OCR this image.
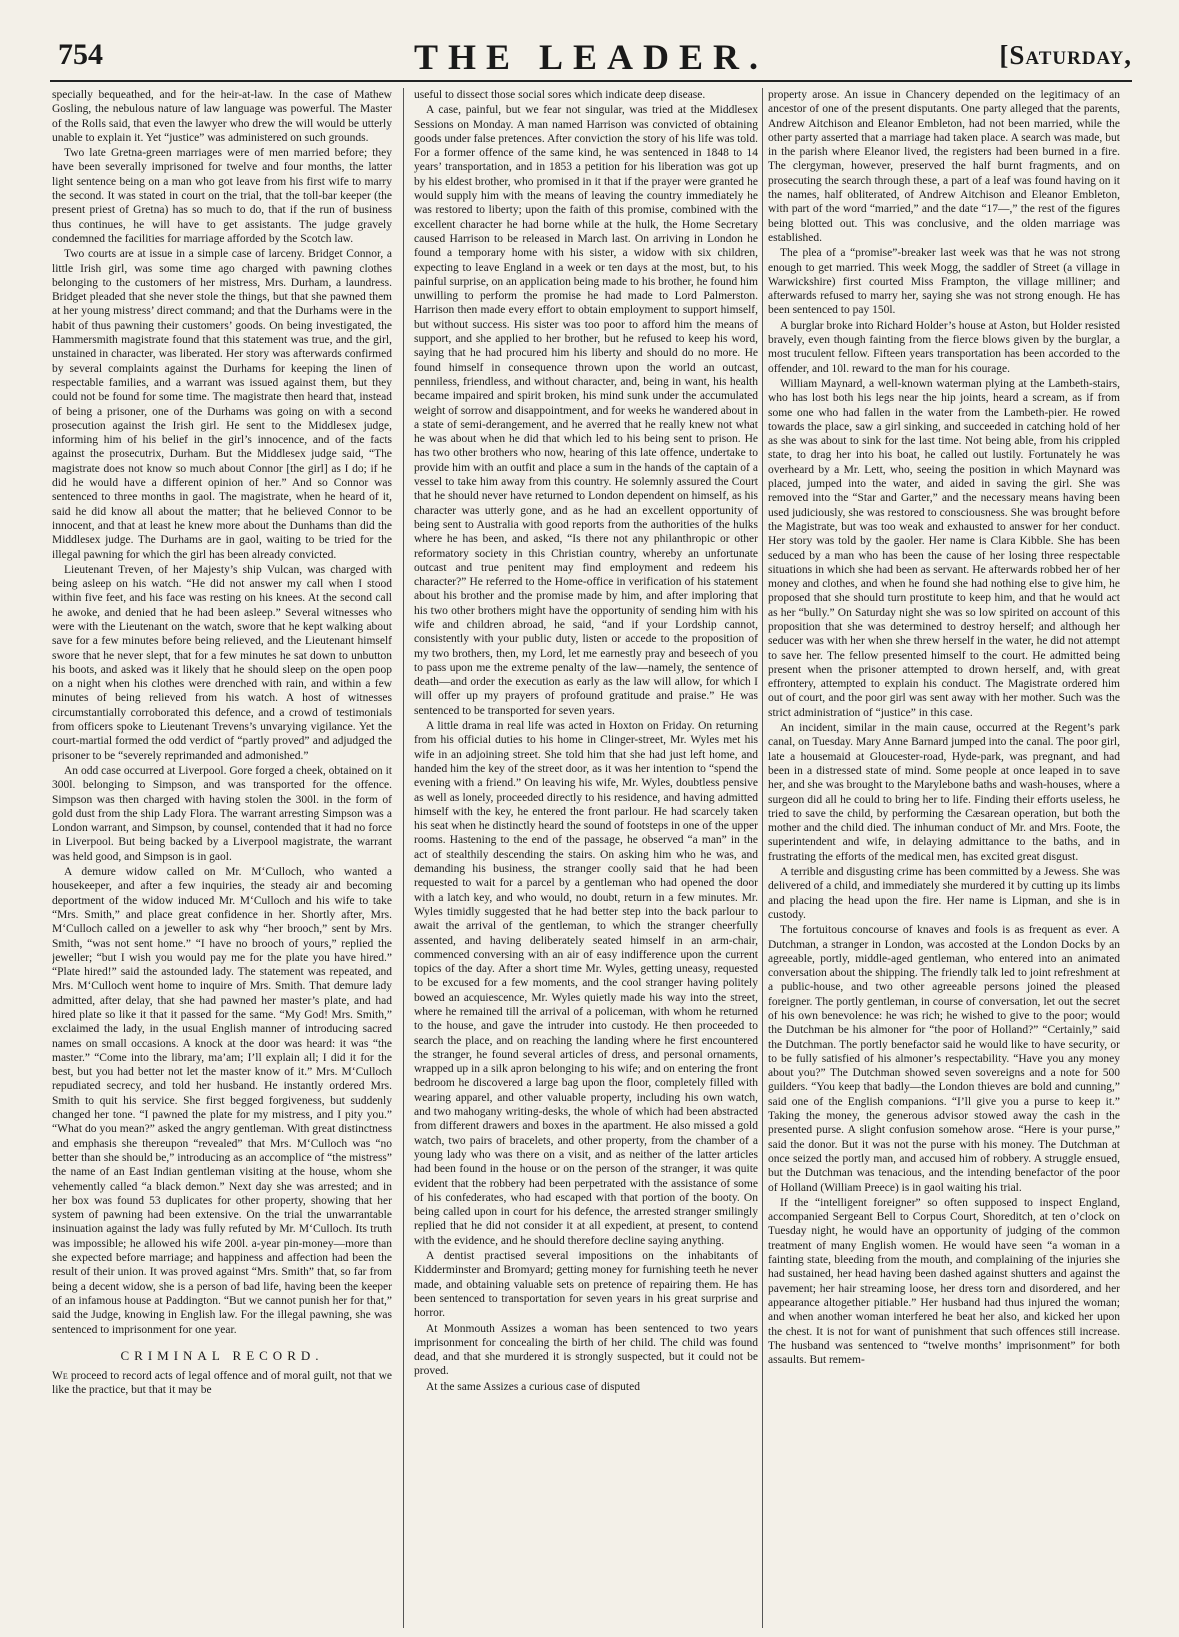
754	THE LEADER.	[Saturday,

specially bequeathed, and for the heir-at-law. In the case of Mathew Gosling, the nebulous nature of law language was powerful. The Master of the Rolls said, that even the lawyer who drew the will would be utterly unable to explain it. Yet “justice” was administered on such grounds.

Two late Gretna-green marriages were of men married before; they have been severally imprisoned for twelve and four months, the latter light sentence being on a man who got leave from his first wife to marry the second. It was stated in court on the trial, that the toll-bar keeper (the present priest of Gretna) has so much to do, that if the run of business thus continues, he will have to get assistants. The judge gravely condemned the facilities for marriage afforded by the Scotch law.

Two courts are at issue in a simple case of larceny. Bridget Connor, a little Irish girl, was some time ago charged with pawning clothes belonging to the customers of her mistress, Mrs. Durham, a laundress. Bridget pleaded that she never stole the things, but that she pawned them at her young mistress’ direct command; and that the Durhams were in the habit of thus pawning their customers’ goods. On being investigated, the Hammersmith magistrate found that this statement was true, and the girl, unstained in character, was liberated. Her story was afterwards confirmed by several complaints against the Durhams for keeping the linen of respectable families, and a warrant was issued against them, but they could not be found for some time. The magistrate then heard that, instead of being a prisoner, one of the Durhams was going on with a second prosecution against the Irish girl. He sent to the Middlesex judge, informing him of his belief in the girl’s innocence, and of the facts against the prosecutrix, Durham. But the Middlesex judge said, “The magistrate does not know so much about Connor [the girl] as I do; if he did he would have a different opinion of her.” And so Connor was sentenced to three months in gaol. The magistrate, when he heard of it, said he did know all about the matter; that he believed Connor to be innocent, and that at least he knew more about the Dunhams than did the Middlesex judge. The Durhams are in gaol, waiting to be tried for the illegal pawning for which the girl has been already convicted.

Lieutenant Treven, of her Majesty’s ship Vulcan, was charged with being asleep on his watch. “He did not answer my call when I stood within five feet, and his face was resting on his knees. At the second call he awoke, and denied that he had been asleep.” Several witnesses who were with the Lieutenant on the watch, swore that he kept walking about save for a few minutes before being relieved, and the Lieutenant himself swore that he never slept, that for a few minutes he sat down to unbutton his boots, and asked was it likely that he should sleep on the open poop on a night when his clothes were drenched with rain, and within a few minutes of being relieved from his watch. A host of witnesses circumstantially corroborated this defence, and a crowd of testimonials from officers spoke to Lieutenant Trevens’s unvarying vigilance. Yet the court-martial formed the odd verdict of “partly proved” and adjudged the prisoner to be “severely reprimanded and admonished.”

An odd case occurred at Liverpool. Gore forged a cheek, obtained on it 300l. belonging to Simpson, and was transported for the offence. Simpson was then charged with having stolen the 300l. in the form of gold dust from the ship Lady Flora. The warrant arresting Simpson was a London warrant, and Simpson, by counsel, contended that it had no force in Liverpool. But being backed by a Liverpool magistrate, the warrant was held good, and Simpson is in gaol.

A demure widow called on Mr. M‘Culloch, who wanted a housekeeper, and after a few inquiries, the steady air and becoming deportment of the widow induced Mr. M‘Culloch and his wife to take “Mrs. Smith,” and place great confidence in her. Shortly after, Mrs. M‘Culloch called on a jeweller to ask why “her brooch,” sent by Mrs. Smith, “was not sent home.” “I have no brooch of yours,” replied the jeweller; “but I wish you would pay me for the plate you have hired.” “Plate hired!” said the astounded lady. The statement was repeated, and Mrs. M‘Culloch went home to inquire of Mrs. Smith. That demure lady admitted, after delay, that she had pawned her master’s plate, and had hired plate so like it that it passed for the same. “My God! Mrs. Smith,” exclaimed the lady, in the usual English manner of introducing sacred names on small occasions. A knock at the door was heard: it was “the master.” “Come into the library, ma’am; I’ll explain all; I did it for the best, but you had better not let the master know of it.” Mrs. M‘Culloch repudiated secrecy, and told her husband. He instantly ordered Mrs. Smith to quit his service. She first begged forgiveness, but suddenly changed her tone. “I pawned the plate for my mistress, and I pity you.” “What do you mean?” asked the angry gentleman. With great distinctness and emphasis she thereupon “revealed” that Mrs. M‘Culloch was “no better than she should be,” introducing as an accomplice of “the mistress” the name of an East Indian gentleman visiting at the house, whom she vehemently called “a black demon.” Next day she was arrested; and in her box was found 53 duplicates for other property, showing that her system of pawning had been extensive. On the trial the unwarrantable insinuation against the lady was fully refuted by Mr. M‘Culloch. Its truth was impossible; he allowed his wife 200l. a-year pin-money—more than she expected before marriage; and happiness and affection had been the result of their union. It was proved against “Mrs. Smith” that, so far from being a decent widow, she is a person of bad life, having been the keeper of an infamous house at Paddington. “But we cannot punish her for that,” said the Judge, knowing in English law. For the illegal pawning, she was sentenced to imprisonment for one year.

CRIMINAL RECORD.

We proceed to record acts of legal offence and of moral guilt, not that we like the practice, but that it may be

useful to dissect those social sores which indicate deep disease.

A case, painful, but we fear not singular, was tried at the Middlesex Sessions on Monday. A man named Harrison was convicted of obtaining goods under false pretences. After conviction the story of his life was told. For a former offence of the same kind, he was sentenced in 1848 to 14 years’ transportation, and in 1853 a petition for his liberation was got up by his eldest brother, who promised in it that if the prayer were granted he would supply him with the means of leaving the country immediately he was restored to liberty; upon the faith of this promise, combined with the excellent character he had borne while at the hulk, the Home Secretary caused Harrison to be released in March last. On arriving in London he found a temporary home with his sister, a widow with six children, expecting to leave England in a week or ten days at the most, but, to his painful surprise, on an application being made to his brother, he found him unwilling to perform the promise he had made to Lord Palmerston. Harrison then made every effort to obtain employment to support himself, but without success. His sister was too poor to afford him the means of support, and she applied to her brother, but he refused to keep his word, saying that he had procured him his liberty and should do no more. He found himself in consequence thrown upon the world an outcast, penniless, friendless, and without character, and, being in want, his health became impaired and spirit broken, his mind sunk under the accumulated weight of sorrow and disappointment, and for weeks he wandered about in a state of semi-derangement, and he averred that he really knew not what he was about when he did that which led to his being sent to prison. He has two other brothers who now, hearing of this late offence, undertake to provide him with an outfit and place a sum in the hands of the captain of a vessel to take him away from this country. He solemnly assured the Court that he should never have returned to London dependent on himself, as his character was utterly gone, and as he had an excellent opportunity of being sent to Australia with good reports from the authorities of the hulks where he has been, and asked, “Is there not any philanthropic or other reformatory society in this Christian country, whereby an unfortunate outcast and true penitent may find employment and redeem his character?” He referred to the Home-office in verification of his statement about his brother and the promise made by him, and after imploring that his two other brothers might have the opportunity of sending him with his wife and children abroad, he said, “and if your Lordship cannot, consistently with your public duty, listen or accede to the proposition of my two brothers, then, my Lord, let me earnestly pray and beseech of you to pass upon me the extreme penalty of the law—namely, the sentence of death—and order the execution as early as the law will allow, for which I will offer up my prayers of profound gratitude and praise.” He was sentenced to be transported for seven years.

A little drama in real life was acted in Hoxton on Friday. On returning from his official duties to his home in Clinger-street, Mr. Wyles met his wife in an adjoining street. She told him that she had just left home, and handed him the key of the street door, as it was her intention to “spend the evening with a friend.” On leaving his wife, Mr. Wyles, doubtless pensive as well as lonely, proceeded directly to his residence, and having admitted himself with the key, he entered the front parlour. He had scarcely taken his seat when he distinctly heard the sound of footsteps in one of the upper rooms. Hastening to the end of the passage, he observed “a man” in the act of stealthily descending the stairs. On asking him who he was, and demanding his business, the stranger coolly said that he had been requested to wait for a parcel by a gentleman who had opened the door with a latch key, and who would, no doubt, return in a few minutes. Mr. Wyles timidly suggested that he had better step into the back parlour to await the arrival of the gentleman, to which the stranger cheerfully assented, and having deliberately seated himself in an arm-chair, commenced conversing with an air of easy indifference upon the current topics of the day. After a short time Mr. Wyles, getting uneasy, requested to be excused for a few moments, and the cool stranger having politely bowed an acquiescence, Mr. Wyles quietly made his way into the street, where he remained till the arrival of a policeman, with whom he returned to the house, and gave the intruder into custody. He then proceeded to search the place, and on reaching the landing where he first encountered the stranger, he found several articles of dress, and personal ornaments, wrapped up in a silk apron belonging to his wife; and on entering the front bedroom he discovered a large bag upon the floor, completely filled with wearing apparel, and other valuable property, including his own watch, and two mahogany writing-desks, the whole of which had been abstracted from different drawers and boxes in the apartment. He also missed a gold watch, two pairs of bracelets, and other property, from the chamber of a young lady who was there on a visit, and as neither of the latter articles had been found in the house or on the person of the stranger, it was quite evident that the robbery had been perpetrated with the assistance of some of his confederates, who had escaped with that portion of the booty. On being called upon in court for his defence, the arrested stranger smilingly replied that he did not consider it at all expedient, at present, to contend with the evidence, and he should therefore decline saying anything.

A dentist practised several impositions on the inhabitants of Kidderminster and Bromyard; getting money for furnishing teeth he never made, and obtaining valuable sets on pretence of repairing them. He has been sentenced to transportation for seven years in his great surprise and horror.

At Monmouth Assizes a woman has been sentenced to two years imprisonment for concealing the birth of her child. The child was found dead, and that she murdered it is strongly suspected, but it could not be proved.

At the same Assizes a curious case of disputed

property arose. An issue in Chancery depended on the legitimacy of an ancestor of one of the present disputants. One party alleged that the parents, Andrew Aitchison and Eleanor Embleton, had not been married, while the other party asserted that a marriage had taken place. A search was made, but in the parish where Eleanor lived, the registers had been burned in a fire. The clergyman, however, preserved the half burnt fragments, and on prosecuting the search through these, a part of a leaf was found having on it the names, half obliterated, of Andrew Aitchison and Eleanor Embleton, with part of the word “married,” and the date “17—,” the rest of the figures being blotted out. This was conclusive, and the olden marriage was established.

The plea of a “promise”-breaker last week was that he was not strong enough to get married. This week Mogg, the saddler of Street (a village in Warwickshire) first courted Miss Frampton, the village milliner; and afterwards refused to marry her, saying she was not strong enough. He has been sentenced to pay 150l.

A burglar broke into Richard Holder’s house at Aston, but Holder resisted bravely, even though fainting from the fierce blows given by the burglar, a most truculent fellow. Fifteen years transportation has been accorded to the offender, and 10l. reward to the man for his courage.

William Maynard, a well-known waterman plying at the Lambeth-stairs, who has lost both his legs near the hip joints, heard a scream, as if from some one who had fallen in the water from the Lambeth-pier. He rowed towards the place, saw a girl sinking, and succeeded in catching hold of her as she was about to sink for the last time. Not being able, from his crippled state, to drag her into his boat, he called out lustily. Fortunately he was overheard by a Mr. Lett, who, seeing the position in which Maynard was placed, jumped into the water, and aided in saving the girl. She was removed into the “Star and Garter,” and the necessary means having been used judiciously, she was restored to consciousness. She was brought before the Magistrate, but was too weak and exhausted to answer for her conduct. Her story was told by the gaoler. Her name is Clara Kibble. She has been seduced by a man who has been the cause of her losing three respectable situations in which she had been as servant. He afterwards robbed her of her money and clothes, and when he found she had nothing else to give him, he proposed that she should turn prostitute to keep him, and that he would act as her “bully.” On Saturday night she was so low spirited on account of this proposition that she was determined to destroy herself; and although her seducer was with her when she threw herself in the water, he did not attempt to save her. The fellow presented himself to the court. He admitted being present when the prisoner attempted to drown herself, and, with great effrontery, attempted to explain his conduct. The Magistrate ordered him out of court, and the poor girl was sent away with her mother. Such was the strict administration of “justice” in this case.

An incident, similar in the main cause, occurred at the Regent’s park canal, on Tuesday. Mary Anne Barnard jumped into the canal. The poor girl, late a housemaid at Gloucester-road, Hyde-park, was pregnant, and had been in a distressed state of mind. Some people at once leaped in to save her, and she was brought to the Marylebone baths and wash-houses, where a surgeon did all he could to bring her to life. Finding their efforts useless, he tried to save the child, by performing the Cæsarean operation, but both the mother and the child died. The inhuman conduct of Mr. and Mrs. Foote, the superintendent and wife, in delaying admittance to the baths, and in frustrating the efforts of the medical men, has excited great disgust.

A terrible and disgusting crime has been committed by a Jewess. She was delivered of a child, and immediately she murdered it by cutting up its limbs and placing the head upon the fire. Her name is Lipman, and she is in custody.

The fortuitous concourse of knaves and fools is as frequent as ever. A Dutchman, a stranger in London, was accosted at the London Docks by an agreeable, portly, middle-aged gentleman, who entered into an animated conversation about the shipping. The friendly talk led to joint refreshment at a public-house, and two other agreeable persons joined the pleased foreigner. The portly gentleman, in course of conversation, let out the secret of his own benevolence: he was rich; he wished to give to the poor; would the Dutchman be his almoner for “the poor of Holland?” “Certainly,” said the Dutchman. The portly benefactor said he would like to have security, or to be fully satisfied of his almoner’s respectability. “Have you any money about you?” The Dutchman showed seven sovereigns and a note for 500 guilders. “You keep that badly—the London thieves are bold and cunning,” said one of the English companions. “I’ll give you a purse to keep it.” Taking the money, the generous advisor stowed away the cash in the presented purse. A slight confusion somehow arose. “Here is your purse,” said the donor. But it was not the purse with his money. The Dutchman at once seized the portly man, and accused him of robbery. A struggle ensued, but the Dutchman was tenacious, and the intending benefactor of the poor of Holland (William Preece) is in gaol waiting his trial.

If the “intelligent foreigner” so often supposed to inspect England, accompanied Sergeant Bell to Corpus Court, Shoreditch, at ten o’clock on Tuesday night, he would have an opportunity of judging of the common treatment of many English women. He would have seen “a woman in a fainting state, bleeding from the mouth, and complaining of the injuries she had sustained, her head having been dashed against shutters and against the pavement; her hair streaming loose, her dress torn and disordered, and her appearance altogether pitiable.” Her husband had thus injured the woman; and when another woman interfered he beat her also, and kicked her upon the chest. It is not for want of punishment that such offences still increase. The husband was sentenced to “twelve months’ imprisonment” for both assaults. But remem-
